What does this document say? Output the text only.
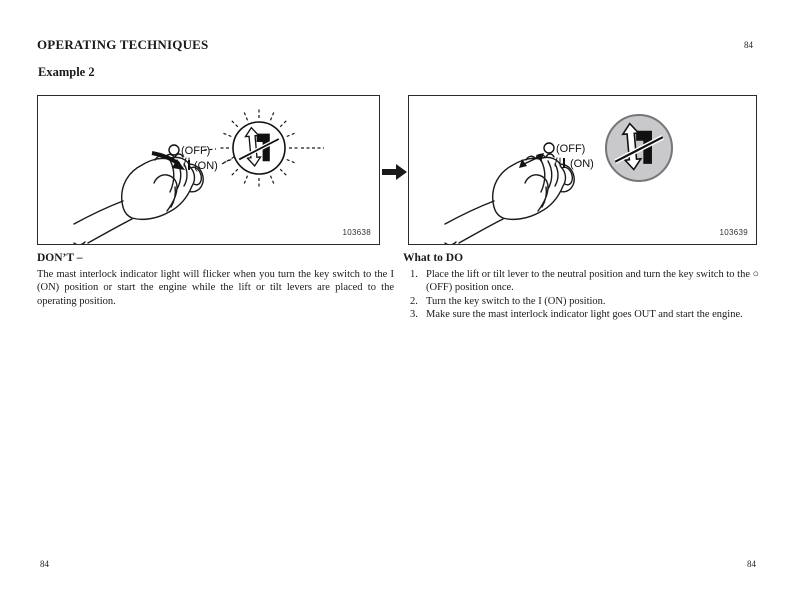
OPERATING TECHNIQUES	84
Example 2
(OFF)
(ON)
103638
(OFF)
(ON)
103639
DON’T –

The mast interlock indicator light will flicker when you turn the key switch to the I (ON) position or start the engine while the lift or tilt levers are placed to the operating position.

What to DO
1. Place the lift or tilt lever to the neutral position and turn the key switch to the ○ (OFF) position once.
2. Turn the key switch to the I (ON) position.
3. Make sure the mast interlock indicator light goes OUT and start the engine.
84	84
